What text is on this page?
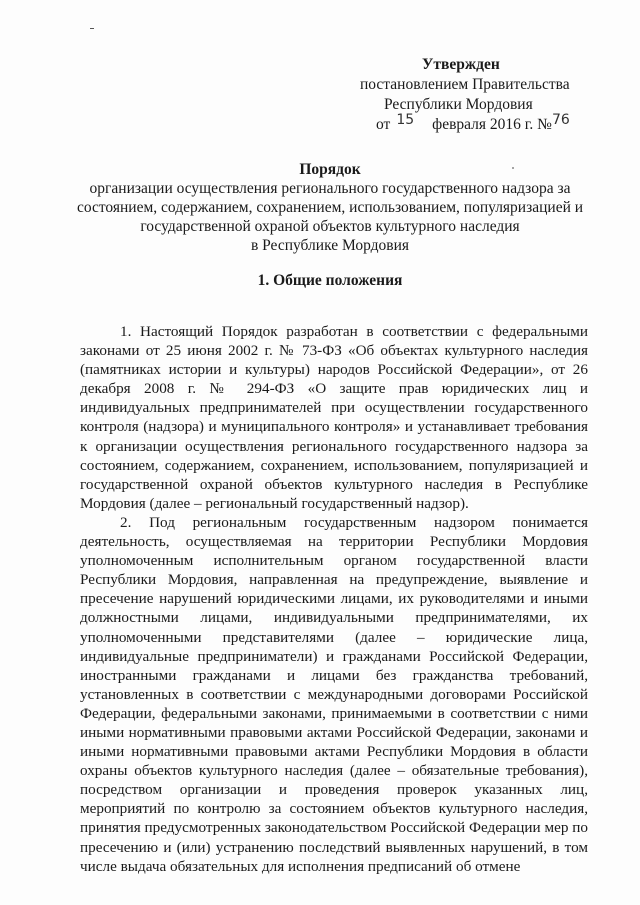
Утвержден
постановлением Правительства
Республики Мордовия
от 15 февраля 2016 г. №76
Порядок
организации осуществления регионального государственного надзора за
состоянием, содержанием, сохранением, использованием, популяризацией и
государственной охраной объектов культурного наследия
в Республике Мордовия
1. Общие положения

1. Настоящий Порядок разработан в соответствии с федеральными законами от 25 июня 2002 г. № 73-ФЗ «Об объектах культурного наследия (памятниках истории и культуры) народов Российской Федерации», от 26 декабря 2008 г. № 294-ФЗ «О защите прав юридических лиц и индивидуальных предпринимателей при осуществлении государственного контроля (надзора) и муниципального контроля» и устанавливает требования к организации осуществления регионального государственного надзора за состоянием, содержанием, сохранением, использованием, популяризацией и государственной охраной объектов культурного наследия в Республике Мордовия (далее – региональный государственный надзор).

2. Под региональным государственным надзором понимается деятельность, осуществляемая на территории Республики Мордовия уполномоченным исполнительным органом государственной власти Республики Мордовия, направленная на предупреждение, выявление и пресечение нарушений юридическими лицами, их руководителями и иными должностными лицами, индивидуальными предпринимателями, их уполномоченными представителями (далее – юридические лица, индивидуальные предприниматели) и гражданами Российской Федерации, иностранными гражданами и лицами без гражданства требований, установленных в соответствии с международными договорами Российской Федерации, федеральными законами, принимаемыми в соответствии с ними иными нормативными правовыми актами Российской Федерации, законами и иными нормативными правовыми актами Республики Мордовия в области охраны объектов культурного наследия (далее – обязательные требования), посредством организации и проведения проверок указанных лиц, мероприятий по контролю за состоянием объектов культурного наследия, принятия предусмотренных законодательством Российской Федерации мер по пресечению и (или) устранению последствий выявленных нарушений, в том числе выдача обязательных для исполнения предписаний об отмене
